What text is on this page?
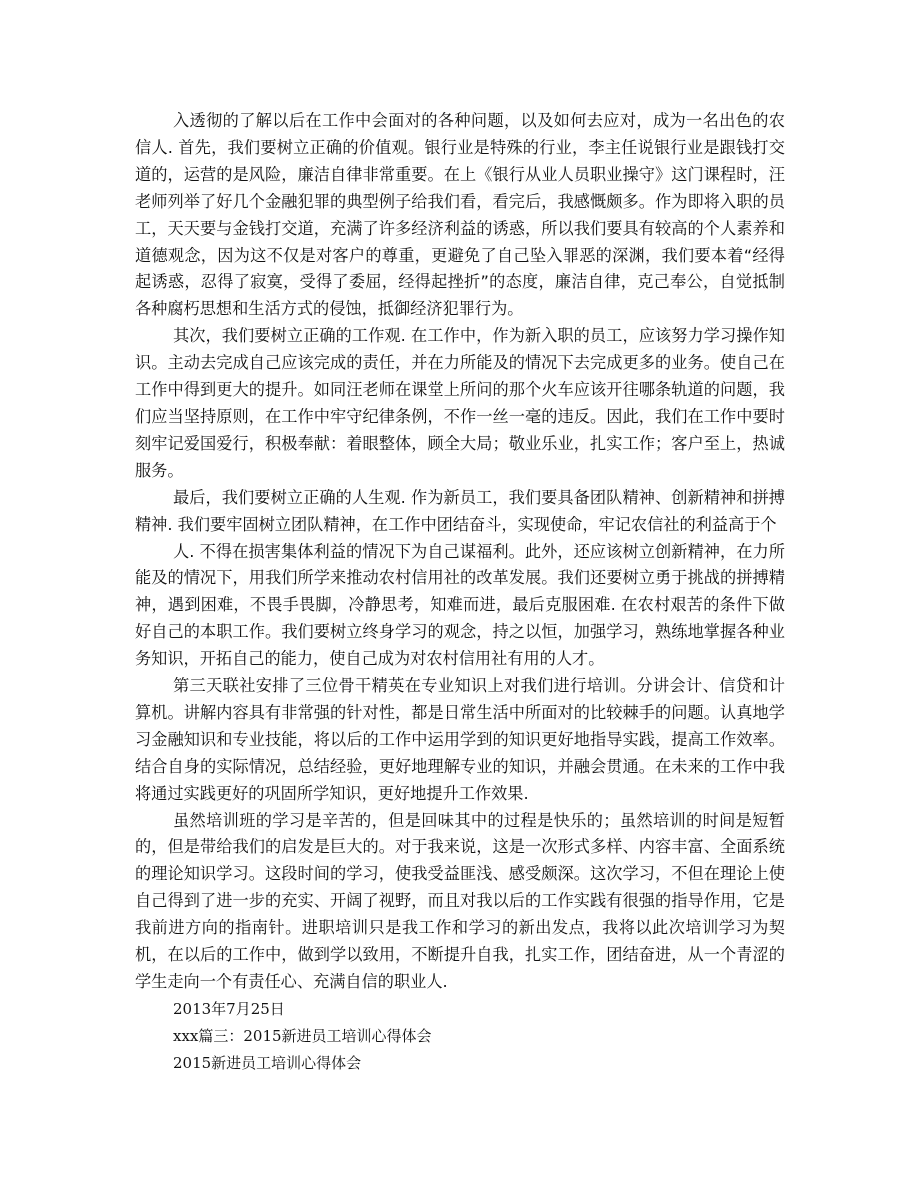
入透彻的了解以后在工作中会面对的各种问题，以及如何去应对，成为一名出色的农信人. 首先，我们要树立正确的价值观。银行业是特殊的行业，李主任说银行业是跟钱打交道的，运营的是风险，廉洁自律非常重要。在上《银行从业人员职业操守》这门课程时，汪老师列举了好几个金融犯罪的典型例子给我们看，看完后，我感慨颇多。作为即将入职的员工，天天要与金钱打交道，充满了许多经济利益的诱惑，所以我们要具有较高的个人素养和道德观念，因为这不仅是对客户的尊重，更避免了自己坠入罪恶的深渊，我们要本着“经得起诱惑，忍得了寂寞，受得了委屈，经得起挫折”的态度，廉洁自律，克己奉公，自觉抵制各种腐朽思想和生活方式的侵蚀，抵御经济犯罪行为。

其次，我们要树立正确的工作观. 在工作中，作为新入职的员工，应该努力学习操作知识。主动去完成自己应该完成的责任，并在力所能及的情况下去完成更多的业务。使自己在工作中得到更大的提升。如同汪老师在课堂上所问的那个火车应该开往哪条轨道的问题，我们应当坚持原则，在工作中牢守纪律条例，不作一丝一毫的违反。因此，我们在工作中要时刻牢记爱国爱行，积极奉献：着眼整体，顾全大局；敬业乐业，扎实工作；客户至上，热诚服务。

最后，我们要树立正确的人生观. 作为新员工，我们要具备团队精神、创新精神和拼搏精神. 我们要牢固树立团队精神，在工作中团结奋斗，实现使命，牢记农信社的利益高于个

人. 不得在损害集体利益的情况下为自己谋福利。此外，还应该树立创新精神，在力所能及的情况下，用我们所学来推动农村信用社的改革发展。我们还要树立勇于挑战的拼搏精神，遇到困难，不畏手畏脚，冷静思考，知难而进，最后克服困难. 在农村艰苦的条件下做好自己的本职工作。我们要树立终身学习的观念，持之以恒，加强学习，熟练地掌握各种业务知识，开拓自己的能力，使自己成为对农村信用社有用的人才。

第三天联社安排了三位骨干精英在专业知识上对我们进行培训。分讲会计、信贷和计算机。讲解内容具有非常强的针对性，都是日常生活中所面对的比较棘手的问题。认真地学习金融知识和专业技能，将以后的工作中运用学到的知识更好地指导实践，提高工作效率。结合自身的实际情况，总结经验，更好地理解专业的知识，并融会贯通。在未来的工作中我将通过实践更好的巩固所学知识，更好地提升工作效果.

虽然培训班的学习是辛苦的，但是回味其中的过程是快乐的；虽然培训的时间是短暂的，但是带给我们的启发是巨大的。对于我来说，这是一次形式多样、内容丰富、全面系统的理论知识学习。这段时间的学习，使我受益匪浅、感受颇深。这次学习，不但在理论上使自己得到了进一步的充实、开阔了视野，而且对我以后的工作实践有很强的指导作用，它是我前进方向的指南针。进职培训只是我工作和学习的新出发点，我将以此次培训学习为契机，在以后的工作中，做到学以致用，不断提升自我，扎实工作，团结奋进，从一个青涩的学生走向一个有责任心、充满自信的职业人.

2013年7月25日

xxx篇三：2015新进员工培训心得体会

2015新进员工培训心得体会
